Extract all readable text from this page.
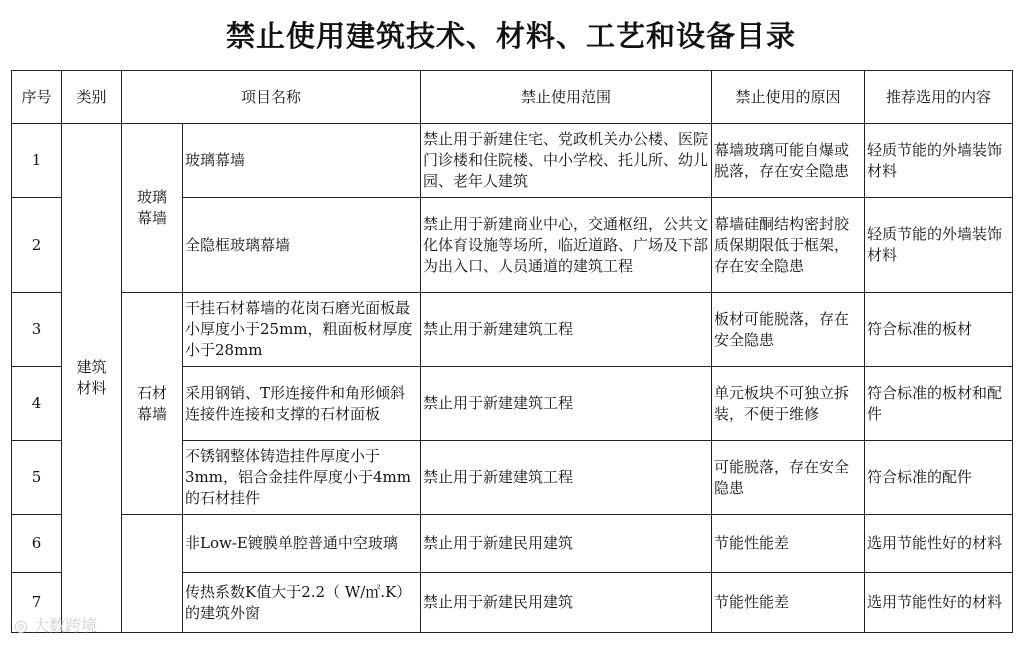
禁止使用建筑技术、材料、工艺和设备目录
序号	类别	项目名称		禁止使用范围	禁止使用的原因	推荐选用的内容
1	建筑材料	玻璃幕墙	玻璃幕墙	禁止用于新建住宅、党政机关办公楼、医院门诊楼和住院楼、中小学校、托儿所、幼儿园、老年人建筑	幕墙玻璃可能自爆或脱落，存在安全隐患	轻质节能的外墙装饰材料
2			全隐框玻璃幕墙	禁止用于新建商业中心，交通枢纽，公共文化体育设施等场所，临近道路、广场及下部为出入口、人员通道的建筑工程	幕墙硅酮结构密封胶质保期限低于框架，存在安全隐患	轻质节能的外墙装饰材料
3		石材幕墙	干挂石材幕墙的花岗石磨光面板最小厚度小于25mm，粗面板材厚度小于28mm	禁止用于新建建筑工程	板材可能脱落，存在安全隐患	符合标准的板材
4			采用钢销、T形连接件和角形倾斜连接件连接和支撑的石材面板	禁止用于新建建筑工程	单元板块不可独立拆装，不便于维修	符合标准的板材和配件
5			不锈钢整体铸造挂件厚度小于3mm，铝合金挂件厚度小于4mm的石材挂件	禁止用于新建建筑工程	可能脱落，存在安全隐患	符合标准的配件
6			非Low-E镀膜单腔普通中空玻璃	禁止用于新建民用建筑	节能性能差	选用节能性好的材料
7			传热系数K值大于2.2（ W/㎡.K）的建筑外窗	禁止用于新建民用建筑	节能性能差	选用节能性好的材料
◎ 大数跨境
